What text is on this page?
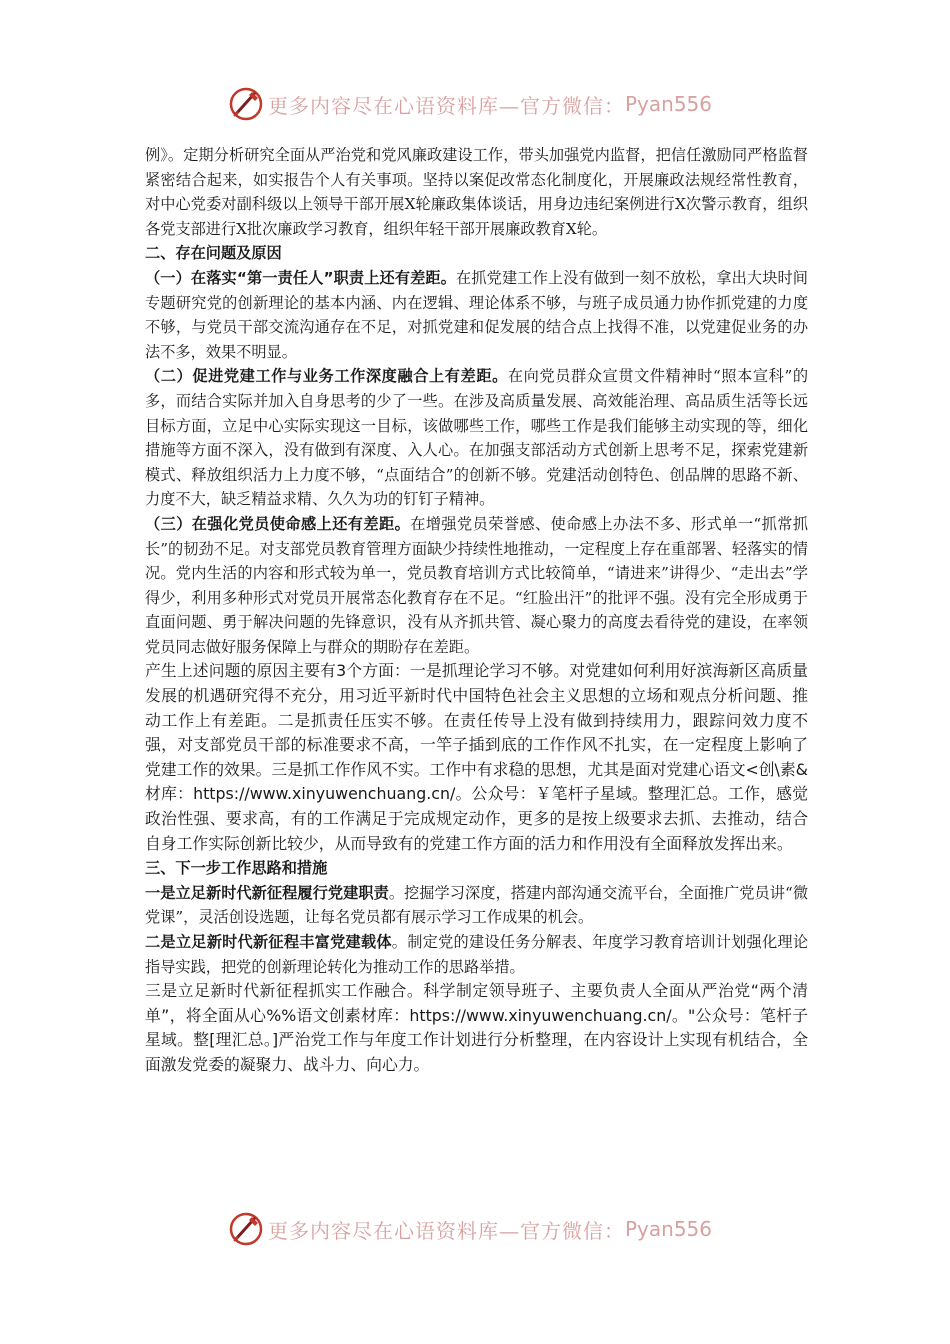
更多内容尽在心语资料库—官方微信： Pyan556

例》。定期分析研究全面从严治党和党风廉政建设工作，带头加强党内监督，把信任激励同严格监督紧密结合起来，如实报告个人有关事项。坚持以案促改常态化制度化，开展廉政法规经常性教育，对中心党委对副科级以上领导干部开展X轮廉政集体谈话，用身边违纪案例进行X次警示教育，组织各党支部进行X批次廉政学习教育，组织年轻干部开展廉政教育X轮。

二、存在问题及原因

（一）在落实“第一责任人”职责上还有差距。在抓党建工作上没有做到一刻不放松，拿出大块时间专题研究党的创新理论的基本内涵、内在逻辑、理论体系不够，与班子成员通力协作抓党建的力度不够，与党员干部交流沟通存在不足，对抓党建和促发展的结合点上找得不准，以党建促业务的办法不多，效果不明显。

（二）促进党建工作与业务工作深度融合上有差距。在向党员群众宣贯文件精神时“照本宣科”的多，而结合实际并加入自身思考的少了一些。在涉及高质量发展、高效能治理、高品质生活等长远目标方面，立足中心实际实现这一目标，该做哪些工作，哪些工作是我们能够主动实现的等，细化措施等方面不深入，没有做到有深度、入人心。在加强支部活动方式创新上思考不足，探索党建新模式、释放组织活力上力度不够，“点面结合”的创新不够。党建活动创特色、创品牌的思路不新、力度不大，缺乏精益求精、久久为功的钉钉子精神。

（三）在强化党员使命感上还有差距。在增强党员荣誉感、使命感上办法不多、形式单一“抓常抓长”的韧劲不足。对支部党员教育管理方面缺少持续性地推动，一定程度上存在重部署、轻落实的情况。党内生活的内容和形式较为单一，党员教育培训方式比较简单，“请进来”讲得少、“走出去”学得少，利用多种形式对党员开展常态化教育存在不足。“红脸出汗”的批评不强。没有完全形成勇于直面问题、勇于解决问题的先锋意识，没有从齐抓共管、凝心聚力的高度去看待党的建设，在率领党员同志做好服务保障上与群众的期盼存在差距。

产生上述问题的原因主要有3个方面：一是抓理论学习不够。对党建如何利用好滨海新区高质量发展的机遇研究得不充分，用习近平新时代中国特色社会主义思想的立场和观点分析问题、推动工作上有差距。二是抓责任压实不够。在责任传导上没有做到持续用力，跟踪问效力度不强，对支部党员干部的标准要求不高，一竿子插到底的工作作风不扎实，在一定程度上影响了党建工作的效果。三是抓工作作风不实。工作中有求稳的思想，尤其是面对党建心语文<创\素&材库：https://www.xinyuwenchuang.cn/。公众号：￥笔杆子星域。整理汇总。工作，感觉政治性强、要求高，有的工作满足于完成规定动作，更多的是按上级要求去抓、去推动，结合自身工作实际创新比较少，从而导致有的党建工作方面的活力和作用没有全面释放发挥出来。

三、下一步工作思路和措施

一是立足新时代新征程履行党建职责。挖掘学习深度，搭建内部沟通交流平台，全面推广党员讲“微党课”，灵活创设选题，让每名党员都有展示学习工作成果的机会。

二是立足新时代新征程丰富党建载体。制定党的建设任务分解表、年度学习教育培训计划强化理论指导实践，把党的创新理论转化为推动工作的思路举措。

三是立足新时代新征程抓实工作融合。科学制定领导班子、主要负责人全面从严治党“两个清单”，将全面从心%%语文创素材库：https://www.xinyuwenchuang.cn/。"公众号：笔杆子星域。整[理汇总。]严治党工作与年度工作计划进行分析整理，在内容设计上实现有机结合，全面激发党委的凝聚力、战斗力、向心力。

更多内容尽在心语资料库—官方微信： Pyan556
